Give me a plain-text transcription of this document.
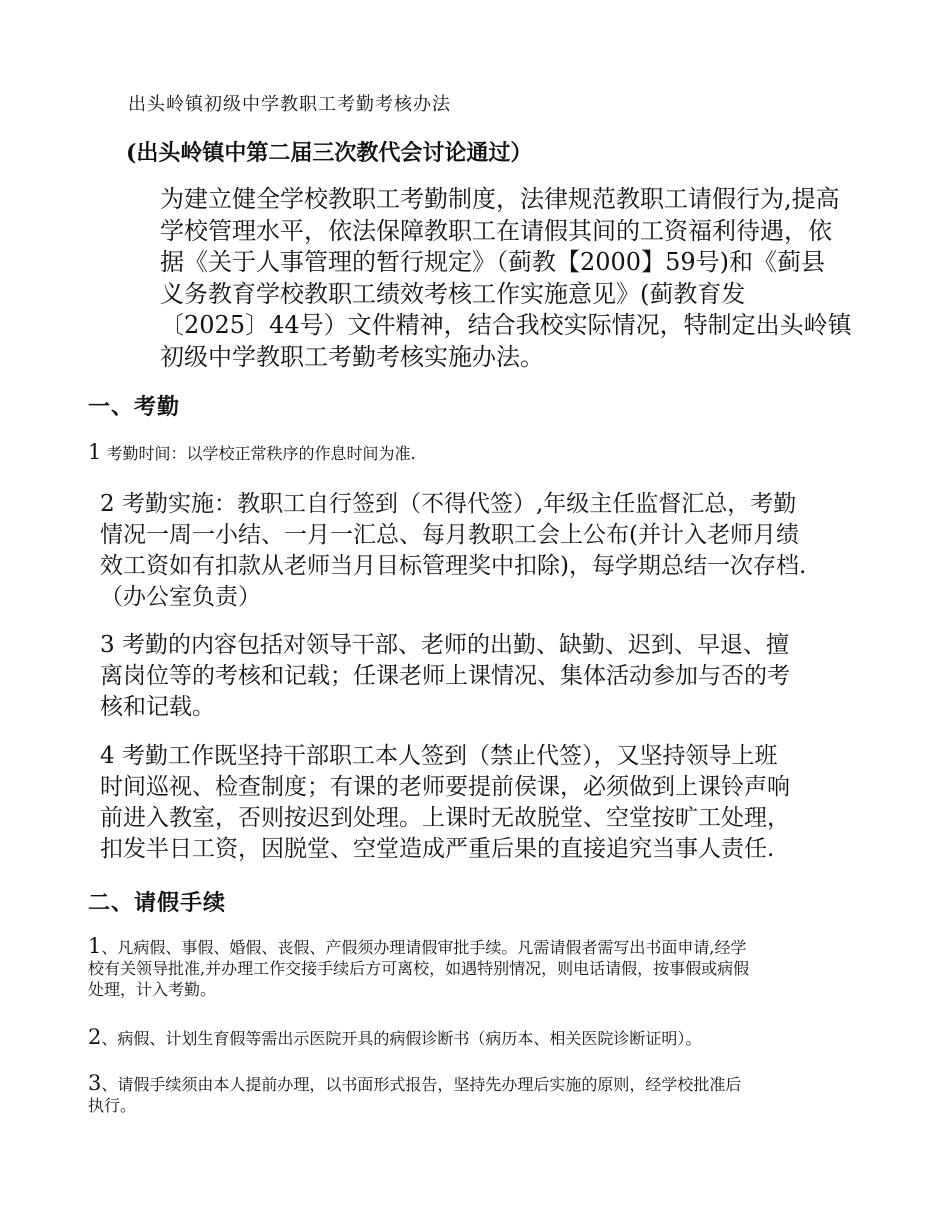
出头岭镇初级中学教职工考勤考核办法
(出头岭镇中第二届三次教代会讨论通过）
为建立健全学校教职工考勤制度，法律规范教职工请假行为,提高
学校管理水平，依法保障教职工在请假其间的工资福利待遇，依
据《关于人事管理的暂行规定》（蓟教【2000】59号)和《蓟县
义务教育学校教职工绩效考核工作实施意见》(蓟教育发
〔2025〕44号）文件精神，结合我校实际情况，特制定出头岭镇
初级中学教职工考勤考核实施办法。
一、考勤
1 考勤时间：以学校正常秩序的作息时间为准.
2 考勤实施：教职工自行签到（不得代签）,年级主任监督汇总，考勤
情况一周一小结、一月一汇总、每月教职工会上公布(并计入老师月绩
效工资如有扣款从老师当月目标管理奖中扣除)，每学期总结一次存档.
（办公室负责）
3 考勤的内容包括对领导干部、老师的出勤、缺勤、迟到、早退、擅
离岗位等的考核和记载；任课老师上课情况、集体活动参加与否的考
核和记载。
4 考勤工作既坚持干部职工本人签到（禁止代签），又坚持领导上班
时间巡视、检查制度；有课的老师要提前侯课，必须做到上课铃声响
前进入教室，否则按迟到处理。上课时无故脱堂、空堂按旷工处理，
扣发半日工资，因脱堂、空堂造成严重后果的直接追究当事人责任.
二、请假手续
1、凡病假、事假、婚假、丧假、产假须办理请假审批手续。凡需请假者需写出书面申请,经学
校有关领导批准,并办理工作交接手续后方可离校，如遇特别情况，则电话请假，按事假或病假
处理，计入考勤。
2、病假、计划生育假等需出示医院开具的病假诊断书（病历本、相关医院诊断证明）。
3、请假手续须由本人提前办理，以书面形式报告，坚持先办理后实施的原则，经学校批准后
执行。
